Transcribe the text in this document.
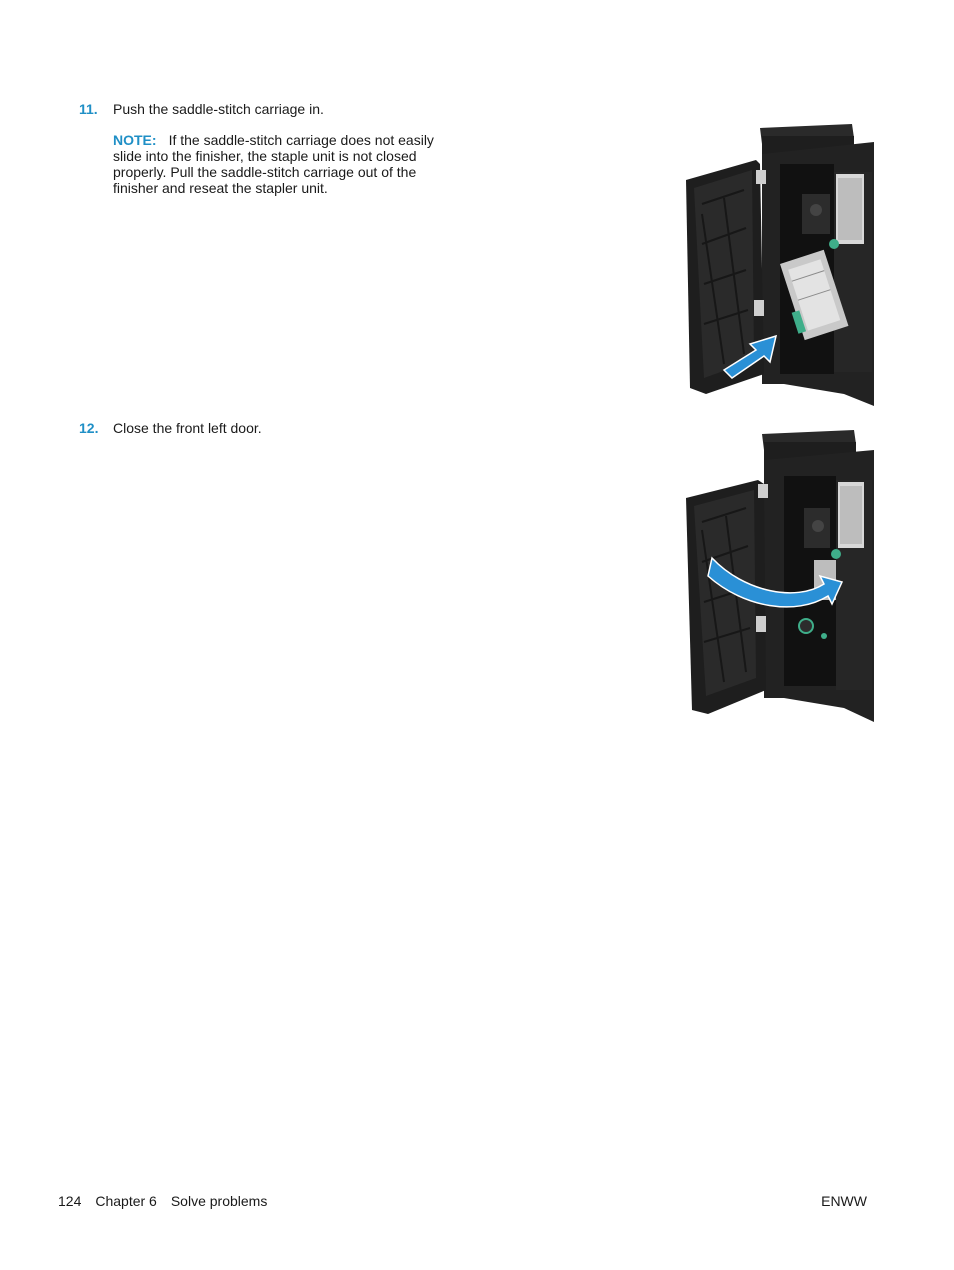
11. Push the saddle-stitch carriage in.
NOTE: If the saddle-stitch carriage does not easily slide into the finisher, the staple unit is not closed properly. Pull the saddle-stitch carriage out of the finisher and reseat the stapler unit.
12. Close the front left door.
124 Chapter 6 Solve problems	ENWW
